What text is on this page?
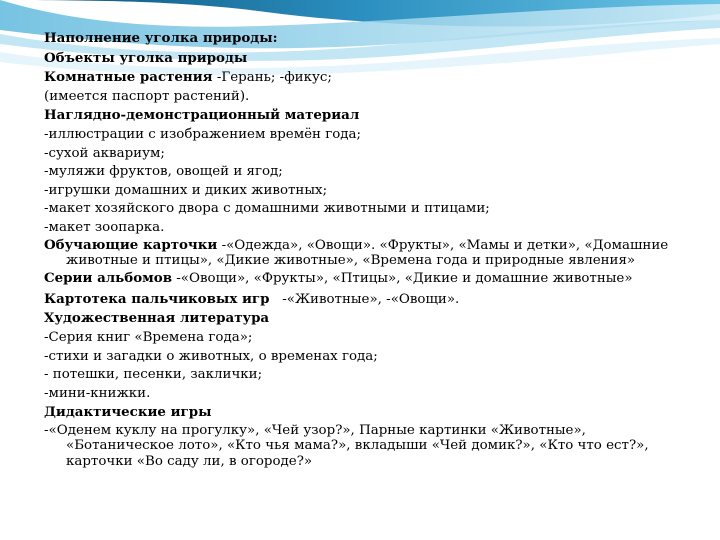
Наполнение уголка природы:
Объекты уголка природы
Комнатные растения -Герань; -фикус;
(имеется паспорт растений).
Наглядно-демонстрационный материал
-иллюстрации с изображением времён года;
-сухой аквариум;
-муляжи фруктов, овощей и ягод;
-игрушки домашних и диких животных;
-макет хозяйского двора с домашними животными и птицами;
-макет зоопарка.
Обучающие карточки -«Одежда», «Овощи». «Фрукты», «Мамы и детки», «Домашние животные и птицы», «Дикие животные», «Времена года и природные явления»
Серии альбомов -«Овощи», «Фрукты», «Птицы», «Дикие и домашние животные»
Картотека пальчиковых игр   -«Животные», -«Овощи».
Художественная литература
-Серия книг «Времена года»;
-стихи и загадки о животных, о временах года;
- потешки, песенки, заклички;
-мини-книжки.
Дидактические игры
-«Оденем куклу на прогулку», «Чей узор?», Парные картинки «Животные», «Ботаническое лото», «Кто чья мама?», вкладыши «Чей домик?», «Кто что ест?», карточки «Во саду ли, в огороде?»
